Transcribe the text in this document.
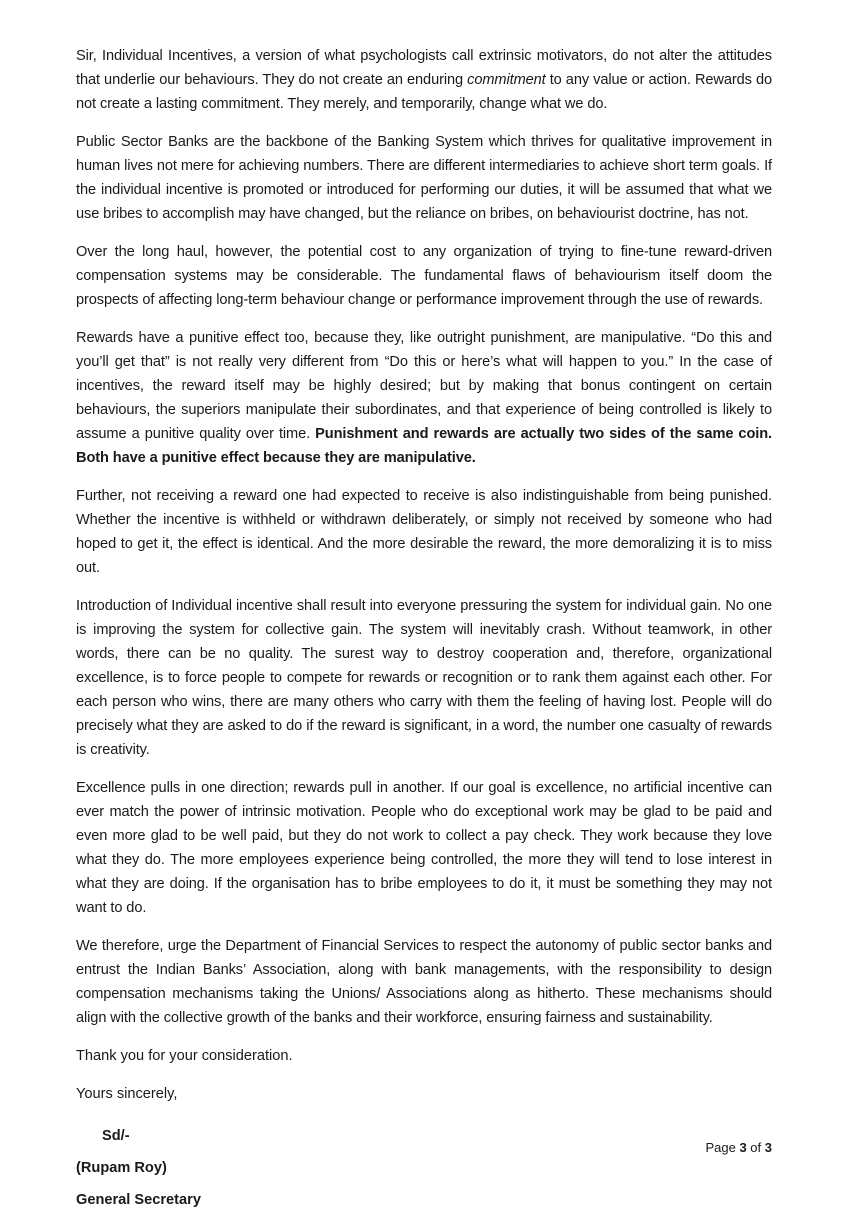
Sir, Individual Incentives, a version of what psychologists call extrinsic motivators, do not alter the attitudes that underlie our behaviours. They do not create an enduring commitment to any value or action. Rewards do not create a lasting commitment. They merely, and temporarily, change what we do.

Public Sector Banks are the backbone of the Banking System which thrives for qualitative improvement in human lives not mere for achieving numbers. There are different intermediaries to achieve short term goals. If the individual incentive is promoted or introduced for performing our duties, it will be assumed that what we use bribes to accomplish may have changed, but the reliance on bribes, on behaviourist doctrine, has not.

Over the long haul, however, the potential cost to any organization of trying to fine-tune reward-driven compensation systems may be considerable. The fundamental flaws of behaviourism itself doom the prospects of affecting long-term behaviour change or performance improvement through the use of rewards.

Rewards have a punitive effect too, because they, like outright punishment, are manipulative. “Do this and you’ll get that” is not really very different from “Do this or here’s what will happen to you.” In the case of incentives, the reward itself may be highly desired; but by making that bonus contingent on certain behaviours, the superiors manipulate their subordinates, and that experience of being controlled is likely to assume a punitive quality over time. Punishment and rewards are actually two sides of the same coin. Both have a punitive effect because they are manipulative.

Further, not receiving a reward one had expected to receive is also indistinguishable from being punished. Whether the incentive is withheld or withdrawn deliberately, or simply not received by someone who had hoped to get it, the effect is identical. And the more desirable the reward, the more demoralizing it is to miss out.

Introduction of Individual incentive shall result into everyone pressuring the system for individual gain. No one is improving the system for collective gain. The system will inevitably crash. Without teamwork, in other words, there can be no quality. The surest way to destroy cooperation and, therefore, organizational excellence, is to force people to compete for rewards or recognition or to rank them against each other. For each person who wins, there are many others who carry with them the feeling of having lost. People will do precisely what they are asked to do if the reward is significant, in a word, the number one casualty of rewards is creativity.

Excellence pulls in one direction; rewards pull in another. If our goal is excellence, no artificial incentive can ever match the power of intrinsic motivation. People who do exceptional work may be glad to be paid and even more glad to be well paid, but they do not work to collect a pay check. They work because they love what they do. The more employees experience being controlled, the more they will tend to lose interest in what they are doing. If the organisation has to bribe employees to do it, it must be something they may not want to do.

We therefore, urge the Department of Financial Services to respect the autonomy of public sector banks and entrust the Indian Banks’ Association, along with bank managements, with the responsibility to design compensation mechanisms taking the Unions/ Associations along as hitherto. These mechanisms should align with the collective growth of the banks and their workforce, ensuring fairness and sustainability.

Thank you for your consideration.

Yours sincerely,

Sd/-

(Rupam Roy)

General Secretary

Page 3 of 3
